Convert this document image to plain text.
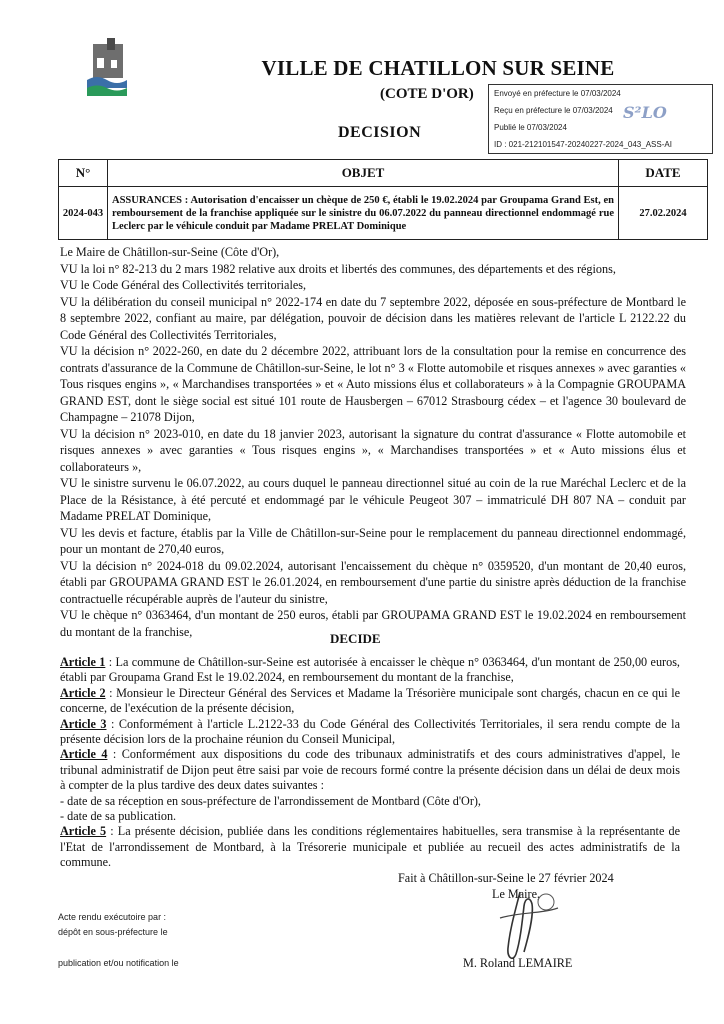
VILLE DE CHATILLON SUR SEINE
(COTE D'OR)
DECISION
Envoyé en préfecture le 07/03/2024
Reçu en préfecture le 07/03/2024
Publié le 07/03/2024
ID : 021-212101547-20240227-2024_043_ASS-AI
S²LO
N°	OBJET	DATE
2024-043	ASSURANCES : Autorisation d'encaisser un chèque de 250 €, établi le 19.02.2024 par Groupama Grand Est, en remboursement de la franchise appliquée sur le sinistre du 06.07.2022 du panneau directionnel endommagé rue Leclerc par le véhicule conduit par Madame PRELAT Dominique	27.02.2024

Le Maire de Châtillon-sur-Seine (Côte d'Or),

VU la loi n° 82-213 du 2 mars 1982 relative aux droits et libertés des communes, des départements et des régions,

VU le Code Général des Collectivités territoriales,

VU la délibération du conseil municipal n° 2022-174 en date du 7 septembre 2022, déposée en sous-préfecture de Montbard le 8 septembre 2022, confiant au maire, par délégation, pouvoir de décision dans les matières relevant de l'article L 2122.22 du Code Général des Collectivités Territoriales,

VU la décision n° 2022-260, en date du 2 décembre 2022, attribuant lors de la consultation pour la remise en concurrence des contrats d'assurance de la Commune de Châtillon-sur-Seine, le lot n° 3 « Flotte automobile et risques annexes » avec garanties « Tous risques engins », « Marchandises transportées » et « Auto missions élus et collaborateurs » à la Compagnie GROUPAMA GRAND EST, dont le siège social est situé 101 route de Hausbergen – 67012 Strasbourg cédex – et l'agence 30 boulevard de Champagne – 21078 Dijon,

VU la décision n° 2023-010, en date du 18 janvier 2023, autorisant la signature du contrat d'assurance « Flotte automobile et risques annexes » avec garanties « Tous risques engins », « Marchandises transportées » et « Auto missions élus et collaborateurs »,

VU le sinistre survenu le 06.07.2022, au cours duquel le panneau directionnel situé au coin de la rue Maréchal Leclerc et de la Place de la Résistance, à été percuté et endommagé par le véhicule Peugeot 307 – immatriculé DH 807 NA – conduit par Madame PRELAT Dominique,

VU les devis et facture, établis par la Ville de Châtillon-sur-Seine pour le remplacement du panneau directionnel endommagé, pour un montant de 270,40 euros,

VU la décision n° 2024-018 du 09.02.2024, autorisant l'encaissement du chèque n° 0359520, d'un montant de 20,40 euros, établi par GROUPAMA GRAND EST le 26.01.2024, en remboursement d'une partie du sinistre après déduction de la franchise contractuelle récupérable auprès de l'auteur du sinistre,

VU le chèque n° 0363464, d'un montant de 250 euros, établi par GROUPAMA GRAND EST le 19.02.2024 en remboursement du montant de la franchise,	DECIDE

Article 1 : La commune de Châtillon-sur-Seine est autorisée à encaisser le chèque n° 0363464, d'un montant de 250,00 euros, établi par Groupama Grand Est le 19.02.2024, en remboursement du montant de la franchise,

Article 2 : Monsieur le Directeur Général des Services et Madame la Trésorière municipale sont chargés, chacun en ce qui le concerne, de l'exécution de la présente décision,

Article 3 : Conformément à l'article L.2122-33 du Code Général des Collectivités Territoriales, il sera rendu compte de la présente décision lors de la prochaine réunion du Conseil Municipal,

Article 4 : Conformément aux dispositions du code des tribunaux administratifs et des cours administratives d'appel, le tribunal administratif de Dijon peut être saisi par voie de recours formé contre la présente décision dans un délai de deux mois à compter de la plus tardive des deux dates suivantes :

- date de sa réception en sous-préfecture de l'arrondissement de Montbard (Côte d'Or),

- date de sa publication.

Article 5 : La présente décision, publiée dans les conditions réglementaires habituelles, sera transmise à la représentante de l'Etat de l'arrondissement de Montbard, à la Trésorerie municipale et publiée au recueil des actes administratifs de la commune.

Fait à Châtillon-sur-Seine le 27 février 2024
Le Maire,
M. Roland LEMAIRE
Acte rendu exécutoire par :
dépôt en sous-préfecture le
publication et/ou notification le
